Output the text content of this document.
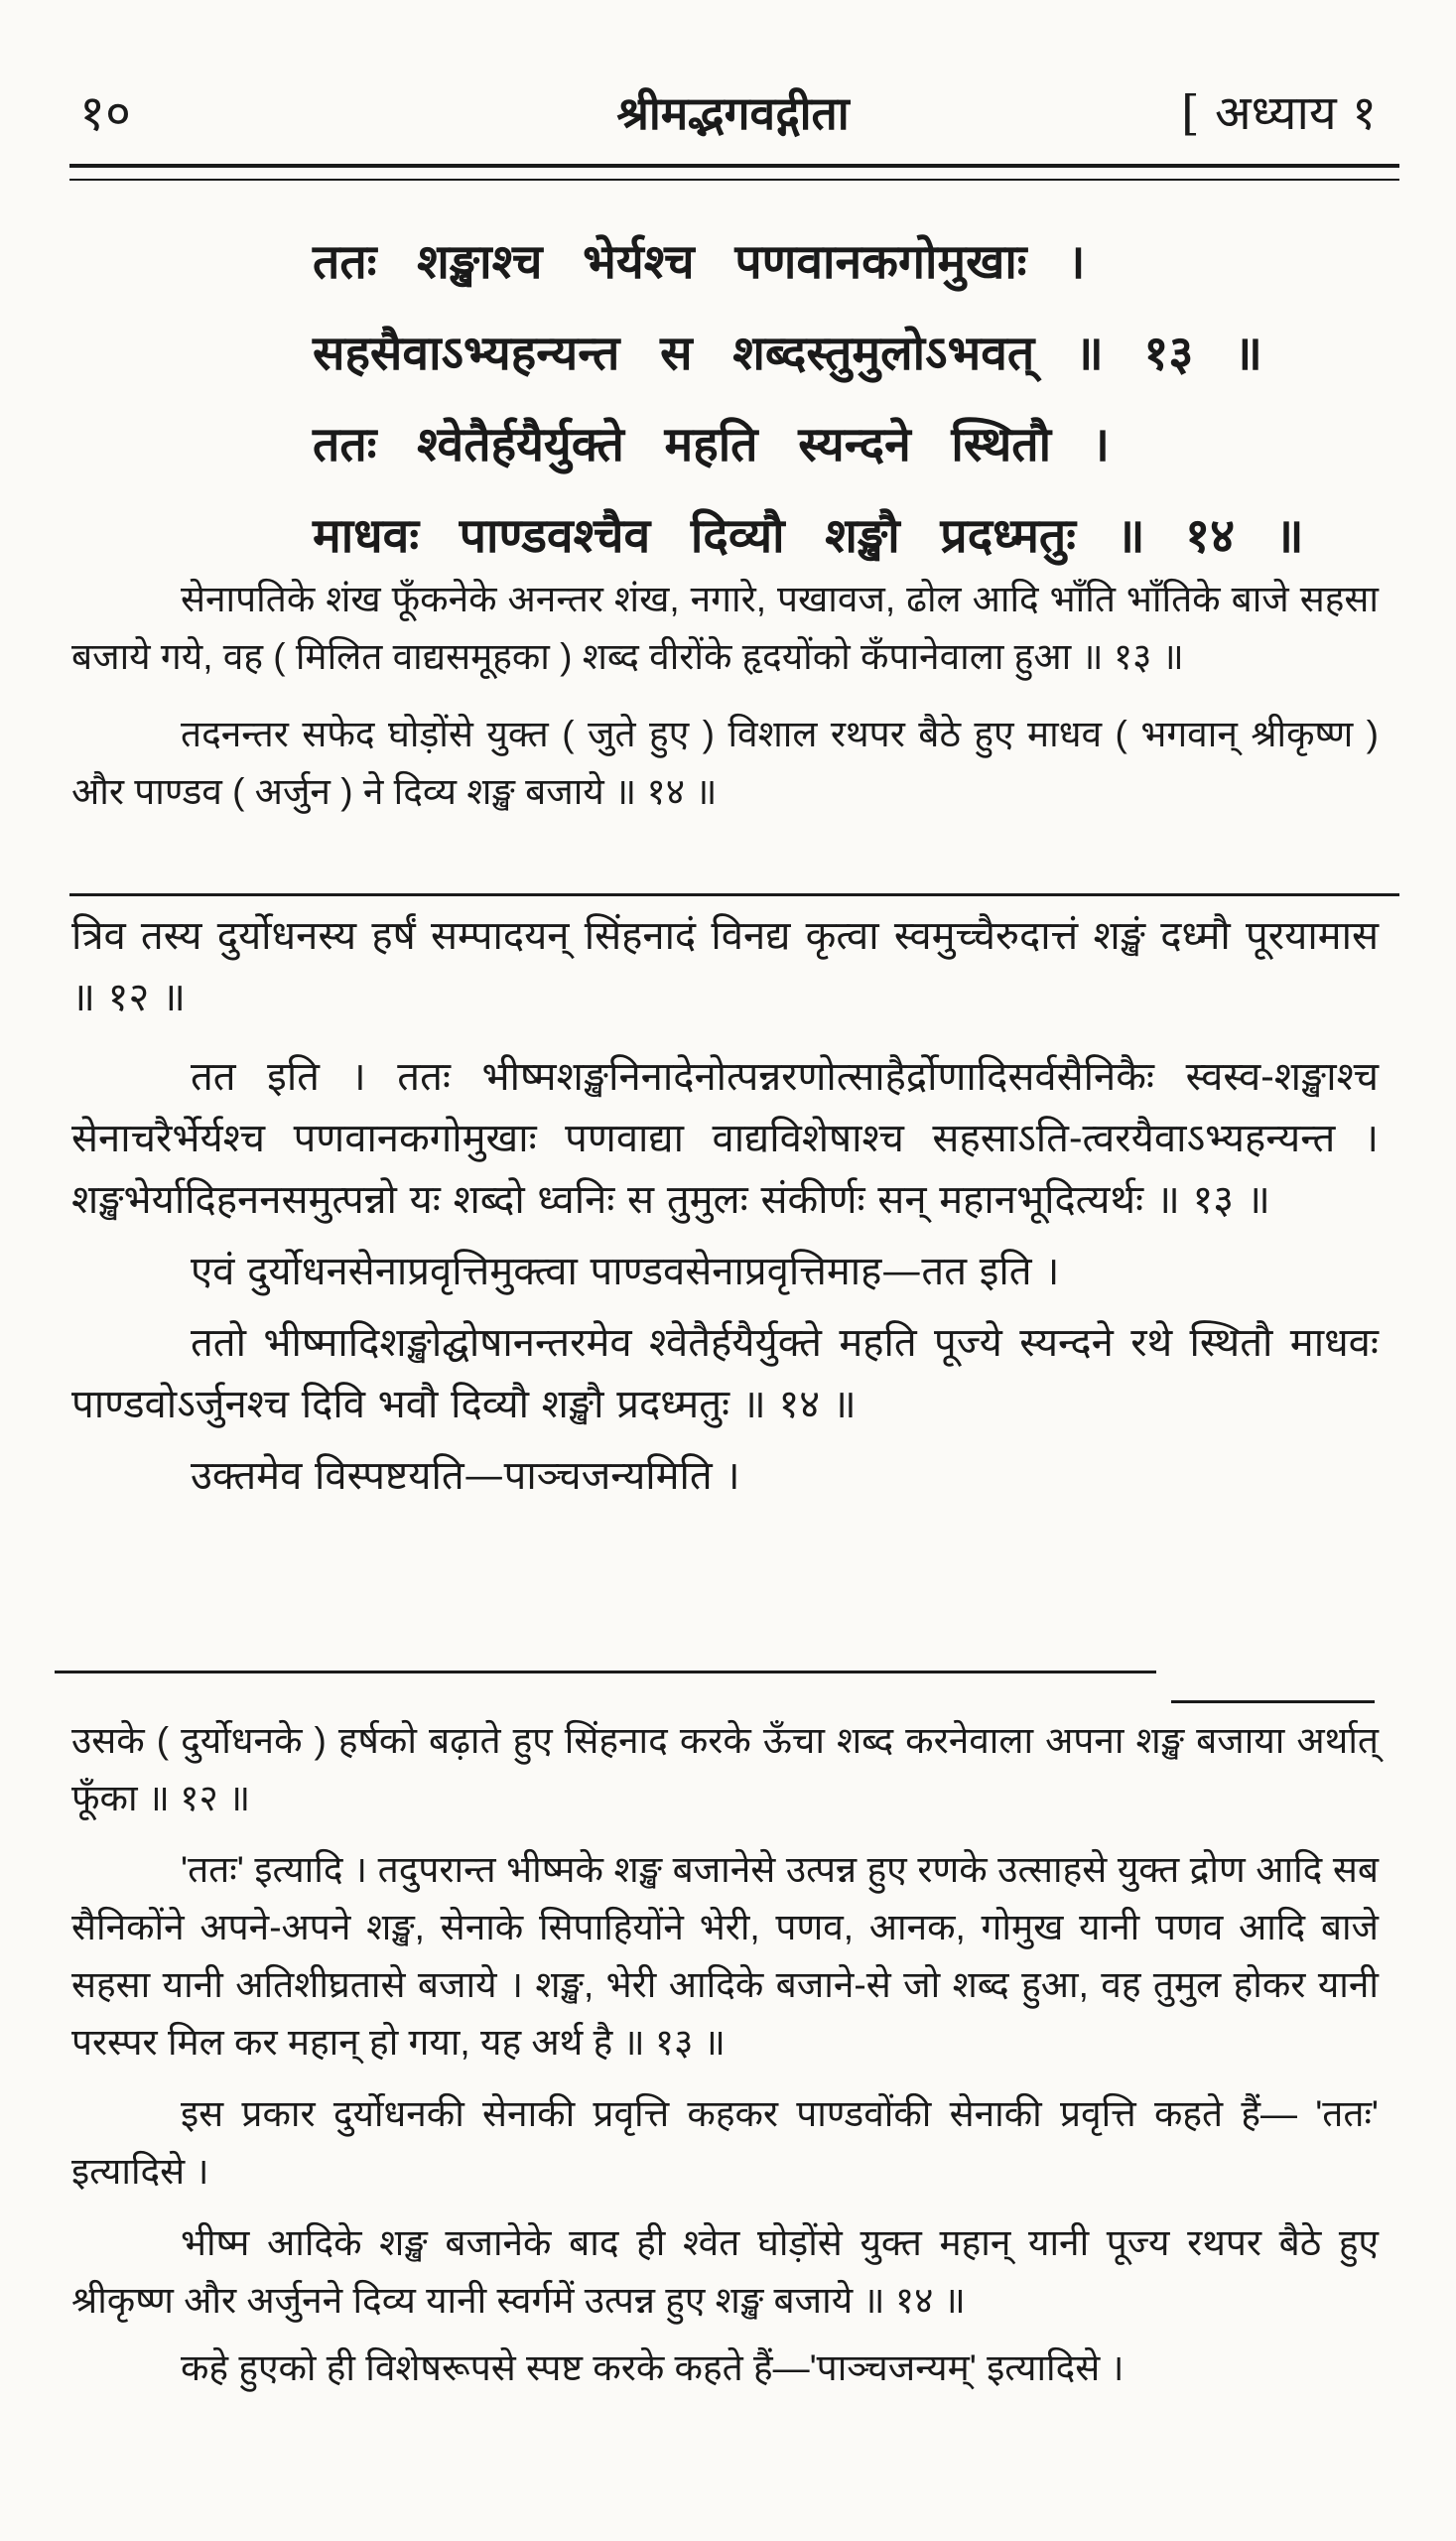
१०	श्रीमद्भगवद्गीता	[ अध्याय १
ततः शङ्खाश्च भेर्यश्च पणवानकगोमुखाः ।
सहसैवाऽभ्यहन्यन्त स शब्दस्तुमुलोऽभवत् ॥ १३ ॥
ततः श्वेतैर्हयैर्युक्ते महति स्यन्दने स्थितौ ।
माधवः पाण्डवश्चैव दिव्यौ शङ्खौ प्रदध्मतुः ॥ १४ ॥

सेनापतिके शंख फूँकनेके अनन्तर शंख, नगारे, पखावज, ढोल आदि भाँति भाँतिके बाजे सहसा बजाये गये, वह ( मिलित वाद्यसमूहका ) शब्द वीरोंके हृदयोंको कँपानेवाला हुआ ॥ १३ ॥

तदनन्तर सफेद घोड़ोंसे युक्त ( जुते हुए ) विशाल रथपर बैठे हुए माधव ( भगवान् श्रीकृष्ण ) और पाण्डव ( अर्जुन ) ने दिव्य शङ्ख बजाये ॥ १४ ॥

त्रिव तस्य दुर्योधनस्य हर्षं सम्पादयन् सिंहनादं विनद्य कृत्वा स्वमुच्चैरुदात्तं शङ्खं दध्मौ पूरयामास ॥ १२ ॥

तत इति । ततः भीष्मशङ्खनिनादेनोत्पन्नरणोत्साहैर्द्रोणादिसर्वसैनिकैः स्वस्व-शङ्खाश्च सेनाचरैर्भेर्यश्च पणवानकगोमुखाः पणवाद्या वाद्यविशेषाश्च सहसाऽति-त्वरयैवाऽभ्यहन्यन्त । शङ्खभेर्यादिहननसमुत्पन्नो यः शब्दो ध्वनिः स तुमुलः संकीर्णः सन् महानभूदित्यर्थः ॥ १३ ॥

एवं दुर्योधनसेनाप्रवृत्तिमुक्त्वा पाण्डवसेनाप्रवृत्तिमाह—तत इति ।

ततो भीष्मादिशङ्खोद्घोषानन्तरमेव श्वेतैर्हयैर्युक्ते महति पूज्ये स्यन्दने रथे स्थितौ माधवः पाण्डवोऽर्जुनश्च दिवि भवौ दिव्यौ शङ्खौ प्रदध्मतुः ॥ १४ ॥

उक्तमेव विस्पष्टयति—पाञ्चजन्यमिति ।

उसके ( दुर्योधनके ) हर्षको बढ़ाते हुए सिंहनाद करके ऊँचा शब्द करनेवाला अपना शङ्ख बजाया अर्थात् फूँका ॥ १२ ॥

'ततः' इत्यादि । तदुपरान्त भीष्मके शङ्ख बजानेसे उत्पन्न हुए रणके उत्साहसे युक्त द्रोण आदि सब सैनिकोंने अपने-अपने शङ्ख, सेनाके सिपाहियोंने भेरी, पणव, आनक, गोमुख यानी पणव आदि बाजे सहसा यानी अतिशीघ्रतासे बजाये । शङ्ख, भेरी आदिके बजाने-से जो शब्द हुआ, वह तुमुल होकर यानी परस्पर मिल कर महान् हो गया, यह अर्थ है ॥ १३ ॥

इस प्रकार दुर्योधनकी सेनाकी प्रवृत्ति कहकर पाण्डवोंकी सेनाकी प्रवृत्ति कहते हैं— 'ततः' इत्यादिसे ।

भीष्म आदिके शङ्ख बजानेके बाद ही श्वेत घोड़ोंसे युक्त महान् यानी पूज्य रथपर बैठे हुए श्रीकृष्ण और अर्जुनने दिव्य यानी स्वर्गमें उत्पन्न हुए शङ्ख बजाये ॥ १४ ॥

कहे हुएको ही विशेषरूपसे स्पष्ट करके कहते हैं—'पाञ्चजन्यम्' इत्यादिसे ।
